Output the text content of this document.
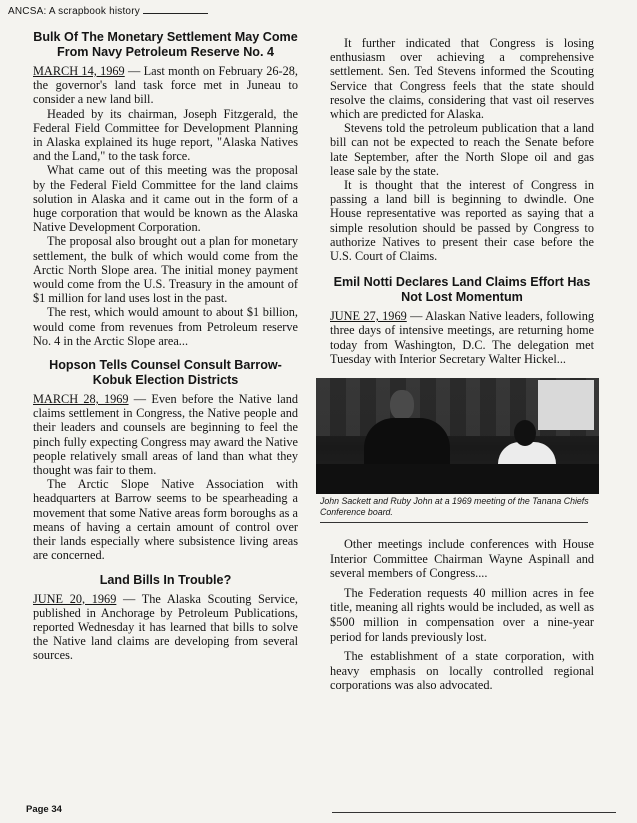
ANCSA: A scrapbook history
Bulk Of The Monetary Settlement May Come From Navy Petroleum Reserve No. 4

MARCH 14, 1969 — Last month on February 26-28, the governor's land task force met in Juneau to consider a new land bill.

Headed by its chairman, Joseph Fitzgerald, the Federal Field Committee for Development Planning in Alaska explained its huge report, "Alaska Natives and the Land," to the task force.

What came out of this meeting was the proposal by the Federal Field Committee for the land claims solution in Alaska and it came out in the form of a huge corporation that would be known as the Alaska Native Development Corporation.

The proposal also brought out a plan for monetary settlement, the bulk of which would come from the Arctic North Slope area. The initial money payment would come from the U.S. Treasury in the amount of $1 million for land uses lost in the past.

The rest, which would amount to about $1 billion, would come from revenues from Petroleum reserve No. 4 in the Arctic Slope area...

Hopson Tells Counsel Consult Barrow-Kobuk Election Districts

MARCH 28, 1969 — Even before the Native land claims settlement in Congress, the Native people and their leaders and counsels are beginning to feel the pinch fully expecting Congress may award the Native people relatively small areas of land than what they thought was fair to them.

The Arctic Slope Native Association with headquarters at Barrow seems to be spearheading a movement that some Native areas form boroughs as a means of having a certain amount of control over their lands especially where subsistence living areas are concerned.

Land Bills In Trouble?

JUNE 20, 1969 — The Alaska Scouting Service, published in Anchorage by Petroleum Publications, reported Wednesday it has learned that bills to solve the Native land claims are developing from several sources.

It further indicated that Congress is losing enthusiasm over achieving a comprehensive settlement. Sen. Ted Stevens informed the Scouting Service that Congress feels that the state should resolve the claims, considering that vast oil reserves which are predicted for Alaska.

Stevens told the petroleum publication that a land bill can not be expected to reach the Senate before late September, after the North Slope oil and gas lease sale by the state.

It is thought that the interest of Congress in passing a land bill is beginning to dwindle. One House representative was reported as saying that a simple resolution should be passed by Congress to authorize Natives to present their case before the U.S. Court of Claims.

Emil Notti Declares Land Claims Effort Has Not Lost Momentum

JUNE 27, 1969 — Alaskan Native leaders, following three days of intensive meetings, are returning home today from Washington, D.C. The delegation met Tuesday with Interior Secretary Walter Hickel...

John Sackett and Ruby John at a 1969 meeting of the Tanana Chiefs Conference board.

Other meetings include conferences with House Interior Committee Chairman Wayne Aspinall and several members of Congress....

The Federation requests 40 million acres in fee title, meaning all rights would be included, as well as $500 million in compensation over a nine-year period for lands previously lost.

The establishment of a state corporation, with heavy emphasis on locally controlled regional corporations was also advocated.

Page
34
